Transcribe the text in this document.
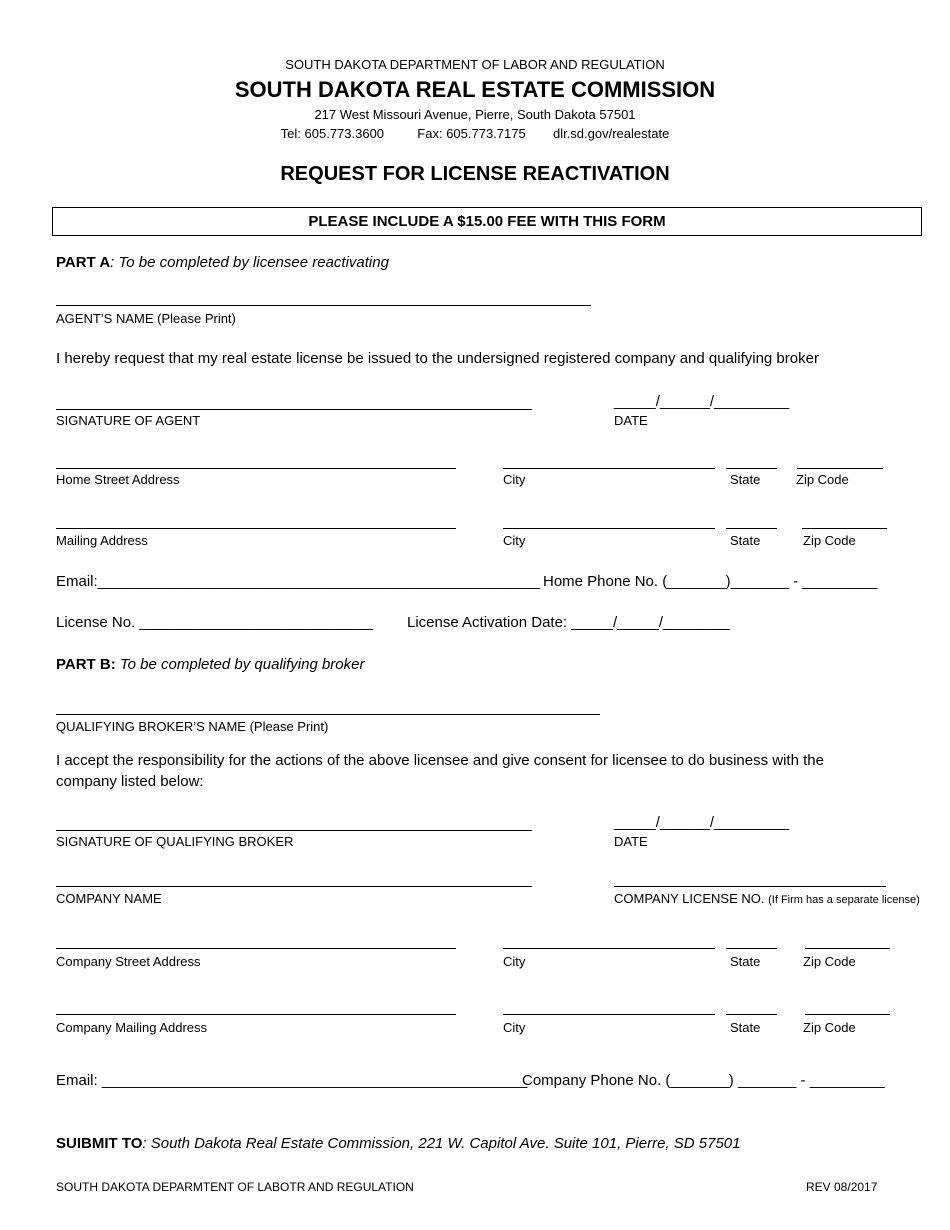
SOUTH DAKOTA DEPARTMENT OF LABOR AND REGULATION
SOUTH DAKOTA REAL ESTATE COMMISSION
217 West Missouri Avenue, Pierre, South Dakota 57501
Tel: 605.773.3600	Fax: 605.773.7175 dlr.sd.gov/realestate
REQUEST FOR LICENSE REACTIVATION
PLEASE INCLUDE A $15.00 FEE WITH THIS FORM
PART A: To be completed by licensee reactivating
AGENT’S NAME (Please Print)
I hereby request that my real estate license be issued to the undersigned registered company and qualifying broker
SIGNATURE OF AGENT
_____/______/_________
DATE
Home Street Address	City	State	Zip Code
Mailing Address	City	State	Zip Code
Email:_____________________________________________________ Home Phone No. (_______)_______ - _________
License No. ____________________________ License Activation Date: _____/_____/________
PART B: To be completed by qualifying broker
QUALIFYING BROKER’S NAME (Please Print)
I accept the responsibility for the actions of the above licensee and give consent for licensee to do business with the
company listed below:
SIGNATURE OF QUALIFYING BROKER
_____/______/_________
DATE
COMPANY NAME	COMPANY LICENSE NO. (If Firm has a separate license)
Company Street Address	City	State	Zip Code
Company Mailing Address	City	State	Zip Code
Email: ___________________________________________________
Company Phone No. (_______) _______ - _________
SUIBMIT TO: South Dakota Real Estate Commission, 221 W. Capitol Ave. Suite 101, Pierre, SD 57501
SOUTH DAKOTA DEPARMTENT OF LABOTR AND REGULATION	REV 08/2017
